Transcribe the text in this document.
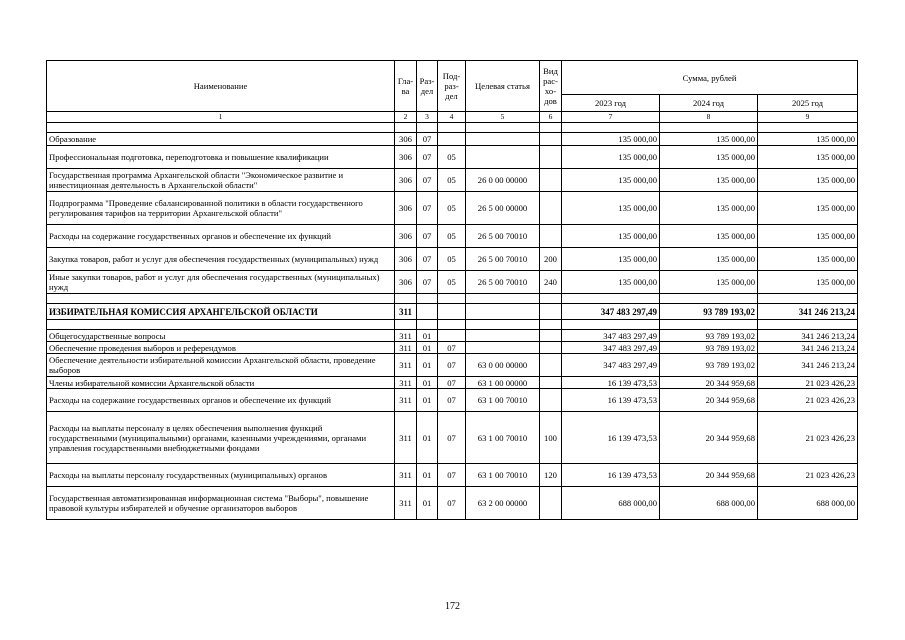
Наименование	Гла-ва	Раз-дел	Под-раз-дел	Целевая статья	Вид рас-хо-дов	Сумма, рублей		
						2023 год	2024 год	2025 год
1	2	3	4	5	6	7	8	9

Образование	306	07				135 000,00	135 000,00	135 000,00
Профессиональная подготовка, переподготовка и повышение квалификации	306	07	05			135 000,00	135 000,00	135 000,00
Государственная программа Архангельской области "Экономическое развитие и инвестиционная деятельность в Архангельской области"	306	07	05	26 0 00 00000		135 000,00	135 000,00	135 000,00
Подпрограмма "Проведение сбалансированной политики в области государственного регулирования тарифов на территории Архангельской области"	306	07	05	26 5 00 00000		135 000,00	135 000,00	135 000,00
Расходы на содержание государственных органов и обеспечение их функций	306	07	05	26 5 00 70010		135 000,00	135 000,00	135 000,00
Закупка товаров, работ и услуг для обеспечения государственных (муниципальных) нужд	306	07	05	26 5 00 70010	200	135 000,00	135 000,00	135 000,00
Иные закупки товаров, работ и услуг для обеспечения государственных (муниципальных) нужд	306	07	05	26 5 00 70010	240	135 000,00	135 000,00	135 000,00

ИЗБИРАТЕЛЬНАЯ КОМИССИЯ АРХАНГЕЛЬСКОЙ ОБЛАСТИ	311					347 483 297,49	93 789 193,02	341 246 213,24

Общегосударственные вопросы	311	01				347 483 297,49	93 789 193,02	341 246 213,24
Обеспечение проведения выборов и референдумов	311	01	07			347 483 297,49	93 789 193,02	341 246 213,24
Обеспечение деятельности избирательной комиссии Архангельской области, проведение выборов	311	01	07	63 0 00 00000		347 483 297,49	93 789 193,02	341 246 213,24
Члены избирательной комиссии Архангельской области	311	01	07	63 1 00 00000		16 139 473,53	20 344 959,68	21 023 426,23
Расходы на содержание государственных органов и обеспечение их функций	311	01	07	63 1 00 70010		16 139 473,53	20 344 959,68	21 023 426,23
Расходы на выплаты персоналу в целях обеспечения выполнения функций государственными (муниципальными) органами, казенными учреждениями, органами управления государственными внебюджетными фондами	311	01	07	63 1 00 70010	100	16 139 473,53	20 344 959,68	21 023 426,23
Расходы на выплаты персоналу государственных (муниципальных) органов	311	01	07	63 1 00 70010	120	16 139 473,53	20 344 959,68	21 023 426,23
Государственная автоматизированная информационная система "Выборы", повышение правовой культуры избирателей и обучение организаторов выборов	311	01	07	63 2 00 00000		688 000,00	688 000,00	688 000,00
172
